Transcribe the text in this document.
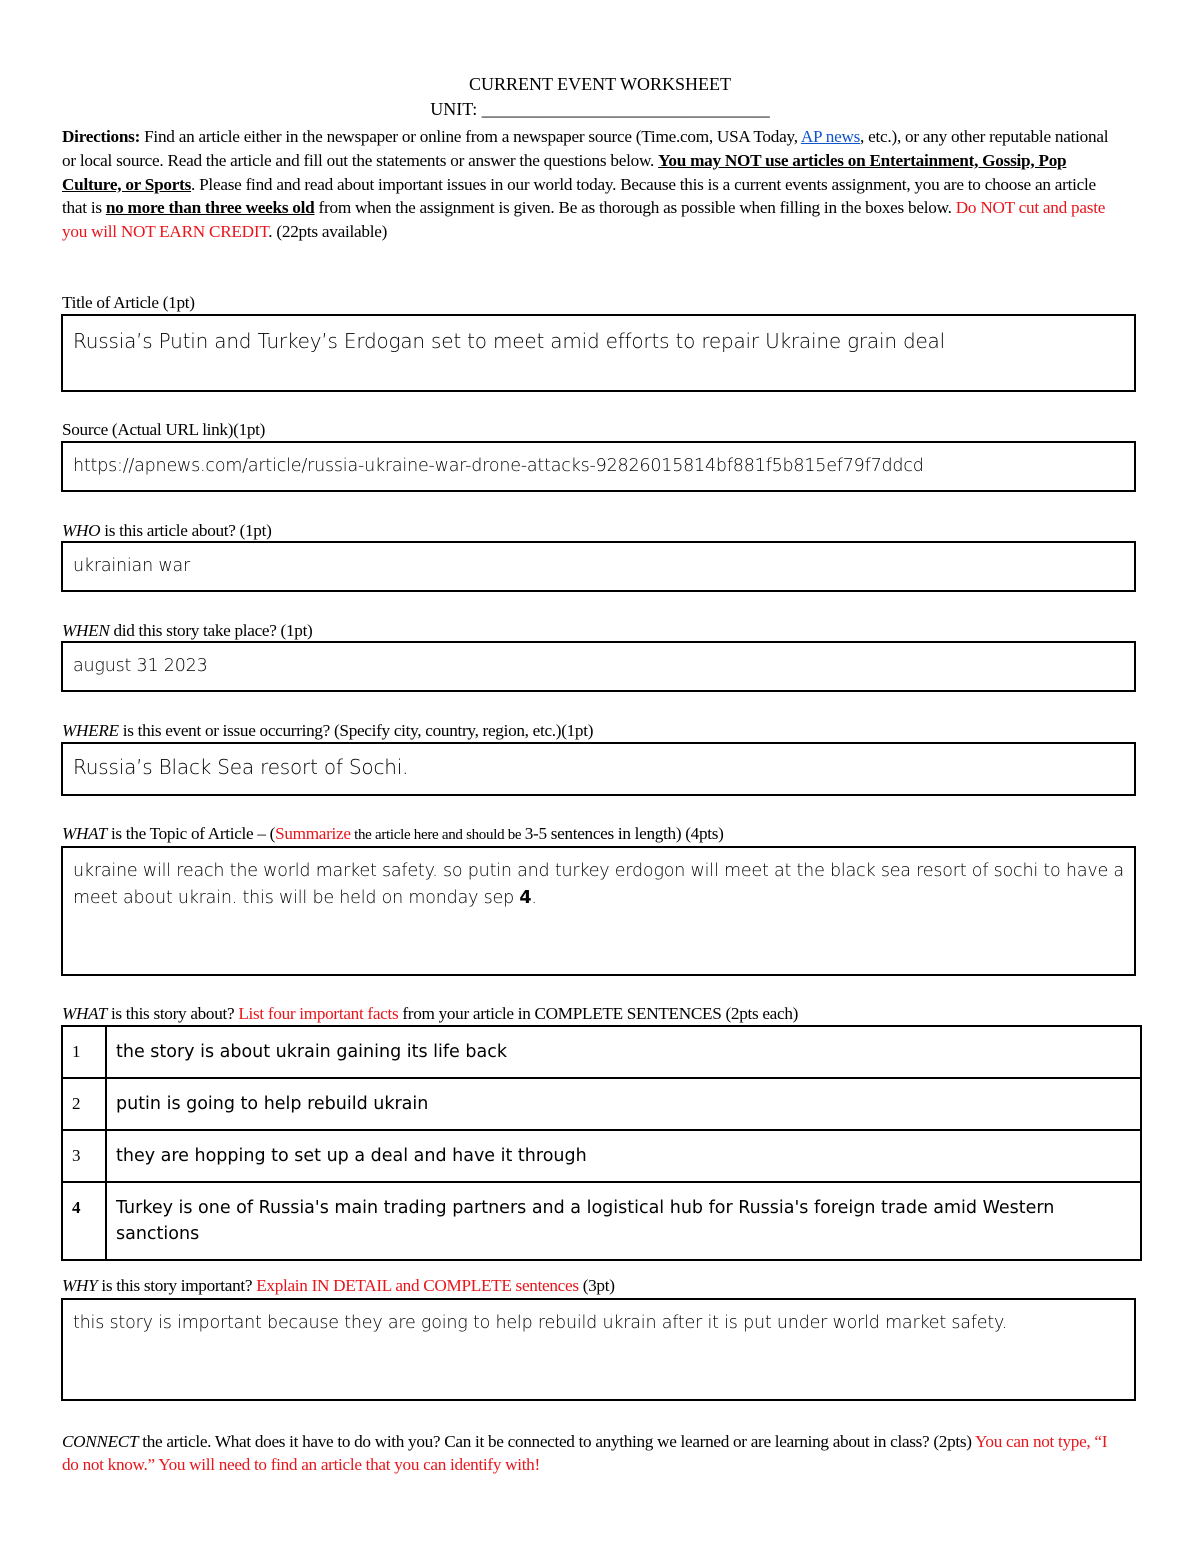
CURRENT EVENT WORKSHEET
UNIT: ________________________________
Directions: Find an article either in the newspaper or online from a newspaper source (Time.com, USA Today, AP news, etc.), or any other reputable national or local source. Read the article and fill out the statements or answer the questions below. You may NOT use articles on Entertainment, Gossip, Pop Culture, or Sports. Please find and read about important issues in our world today. Because this is a current events assignment, you are to choose an article that is no more than three weeks old from when the assignment is given. Be as thorough as possible when filling in the boxes below. Do NOT cut and paste you will NOT EARN CREDIT. (22pts available)
Title of Article (1pt)
Russia’s Putin and Turkey’s Erdogan set to meet amid efforts to repair Ukraine grain deal
Source (Actual URL link)(1pt)
https://apnews.com/article/russia-ukraine-war-drone-attacks-92826015814bf881f5b815ef79f7ddcd
WHO is this article about? (1pt)
ukrainian war
WHEN did this story take place? (1pt)
august 31 2023
WHERE is this event or issue occurring? (Specify city, country, region, etc.)(1pt)
Russia’s Black Sea resort of Sochi.
WHAT is the Topic of Article – (Summarize the article here and should be 3-5 sentences in length) (4pts)
ukraine will reach the world market safety. so putin and turkey erdogon will meet at the black sea resort of sochi to have a meet about ukrain. this will be held on monday sep 4.
WHAT is this story about? List four important facts from your article in COMPLETE SENTENCES (2pts each)
1	the story is about ukrain gaining its life back
2	putin is going to help rebuild ukrain
3	they are hopping to set up a deal and have it through
4	Turkey is one of Russia's main trading partners and a logistical hub for Russia's foreign trade amid Western sanctions
WHY is this story important? Explain IN DETAIL and COMPLETE sentences (3pt)
this story is important because they are going to help rebuild ukrain after it is put under world market safety.
CONNECT the article. What does it have to do with you? Can it be connected to anything we learned or are learning about in class? (2pts) You can not type, “I do not know.” You will need to find an article that you can identify with!
